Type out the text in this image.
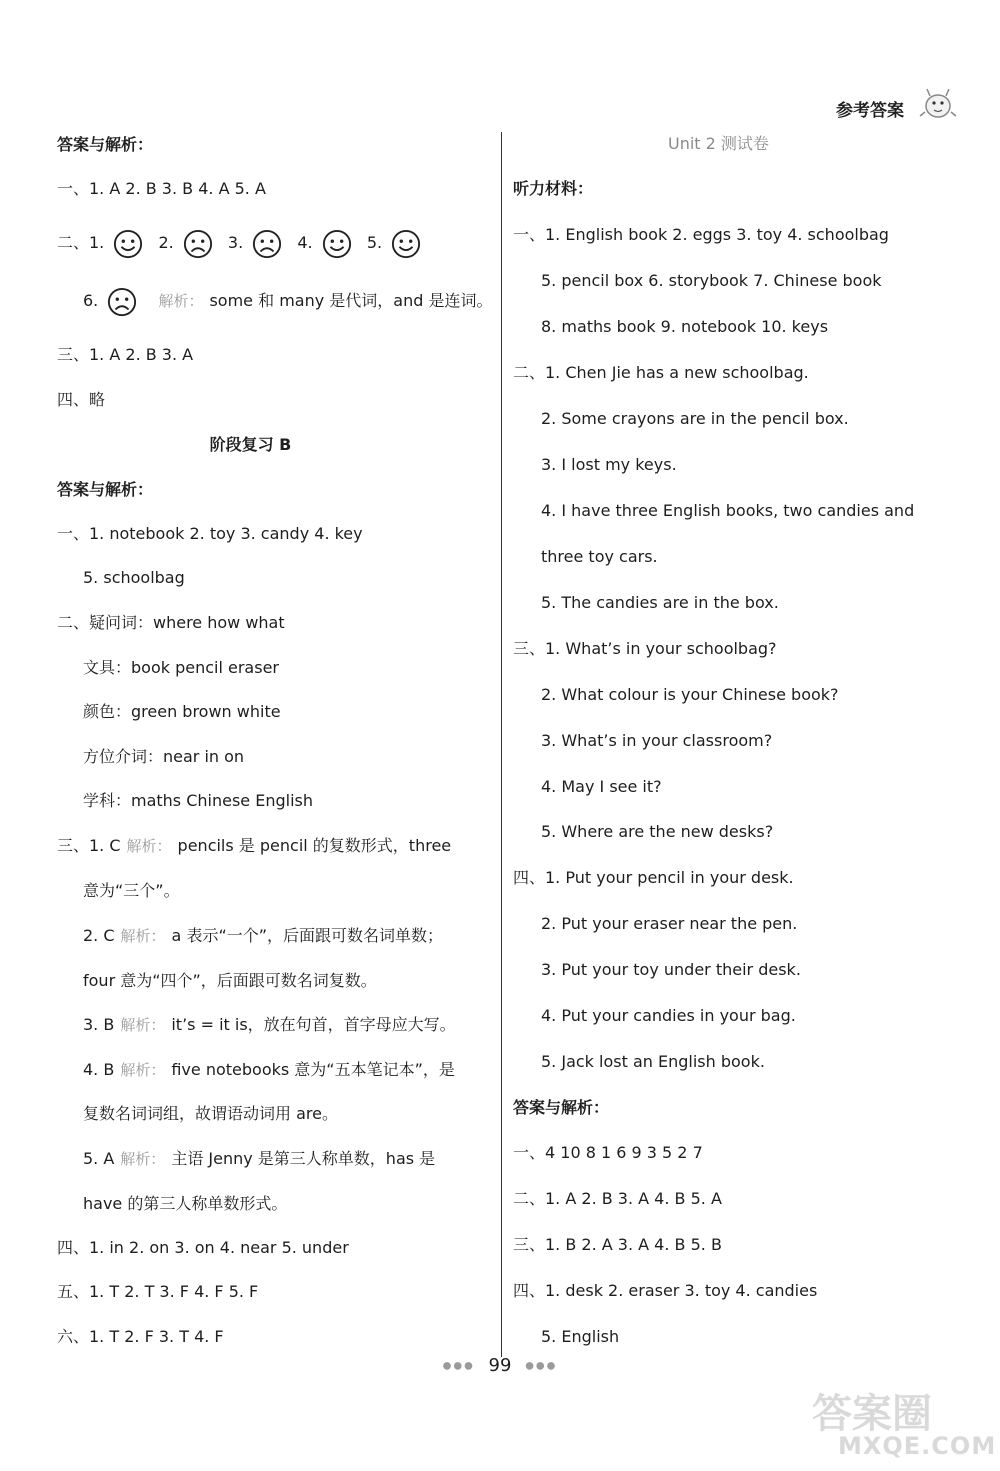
参考答案
答案与解析：
一、1. A 2. B 3. B 4. A 5. A
二、1.	2.	3.	4.	5.
6.	解析： some 和 many 是代词，and 是连词。
三、1. A 2. B 3. A
四、略
阶段复习 B
答案与解析：
一、1. notebook 2. toy 3. candy 4. key
5. schoolbag
二、疑问词：where how what
文具：book pencil eraser
颜色：green brown white
方位介词：near in on
学科：maths Chinese English
三、1. C 解析： pencils 是 pencil 的复数形式，three
意为“三个”。
2. C 解析： a 表示“一个”，后面跟可数名词单数；
four 意为“四个”，后面跟可数名词复数。
3. B 解析： it’s = it is，放在句首，首字母应大写。
4. B 解析： five notebooks 意为“五本笔记本”，是
复数名词词组，故谓语动词用 are。
5. A 解析： 主语 Jenny 是第三人称单数，has 是
have 的第三人称单数形式。
四、1. in 2. on 3. on 4. near 5. under
五、1. T 2. T 3. F 4. F 5. F
六、1. T 2. F 3. T 4. F
Unit 2 测试卷
听力材料：
一、1. English book 2. eggs 3. toy 4. schoolbag
5. pencil box 6. storybook 7. Chinese book
8. maths book 9. notebook 10. keys
二、1. Chen Jie has a new schoolbag.
2. Some crayons are in the pencil box.
3. I lost my keys.
4. I have three English books, two candies and
three toy cars.
5. The candies are in the box.
三、1. What’s in your schoolbag?
2. What colour is your Chinese book?
3. What’s in your classroom?
4. May I see it?
5. Where are the new desks?
四、1. Put your pencil in your desk.
2. Put your eraser near the pen.
3. Put your toy under their desk.
4. Put your candies in your bag.
5. Jack lost an English book.
答案与解析：
一、4 10 8 1 6 9 3 5 2 7
二、1. A 2. B 3. A 4. B 5. A
三、1. B 2. A 3. A 4. B 5. B
四、1. desk 2. eraser 3. toy 4. candies
5. English
●●● 99 ●●●
答案圈
MXQE.COM
